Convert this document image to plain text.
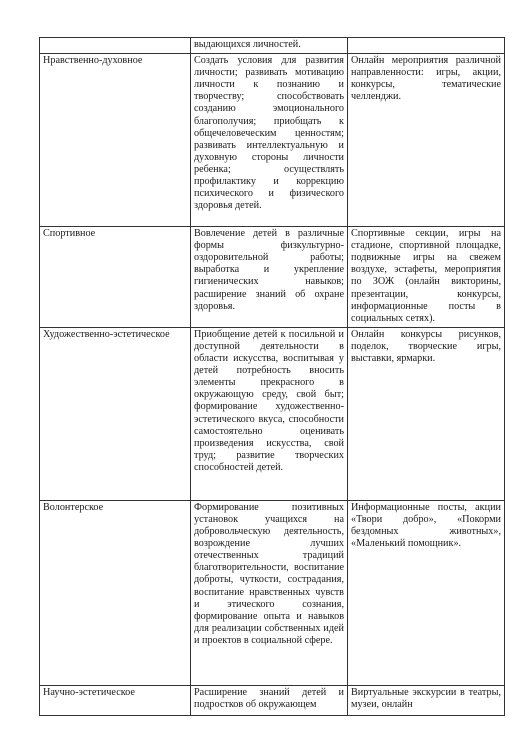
	выдающихся личностей.	
Нравственно-духовное	Создать условия для развития личности; развивать мотивацию личности к познанию и творчеству; способствовать созданию эмоционального благополучия; приобщать к общечеловеческим ценностям; развивать интеллектуальную и духовную стороны личности ребенка; осуществлять профилактику и коррекцию психического и физического здоровья детей.	Онлайн мероприятия различной направленности: игры, акции, конкурсы, тематические челленджи.
Спортивное	Вовлечение детей в различные формы физкультурно-оздоровительной работы; выработка и укрепление гигиенических навыков; расширение знаний об охране здоровья.	Спортивные секции, игры на стадионе, спортивной площадке, подвижные игры на свежем воздухе, эстафеты, мероприятия по ЗОЖ (онлайн викторины, презентации, конкурсы, информационные посты в социальных сетях).
Художественно-эстетическое	Приобщение детей к посильной и доступной деятельности в области искусства, воспитывая у детей потребность вносить элементы прекрасного в окружающую среду, свой быт; формирование художественно-эстетического вкуса, способности самостоятельно оценивать произведения искусства, свой труд; развитие творческих способностей детей.	Онлайн конкурсы рисунков, поделок, творческие игры, выставки, ярмарки.
Волонтерское	Формирование позитивных установок учащихся на добровольческую деятельность, возрождение лучших отечественных традиций благотворительности, воспитание доброты, чуткости, сострадания, воспитание нравственных чувств и этического сознания, формирование опыта и навыков для реализации собственных идей и проектов в социальной сфере.	Информационные посты, акции «Твори добро», «Покорми бездомных животных», «Маленький помощник».
Научно-эстетическое	Расширение знаний детей и подростков об окружающем	Виртуальные экскурсии в театры, музеи, онлайн
